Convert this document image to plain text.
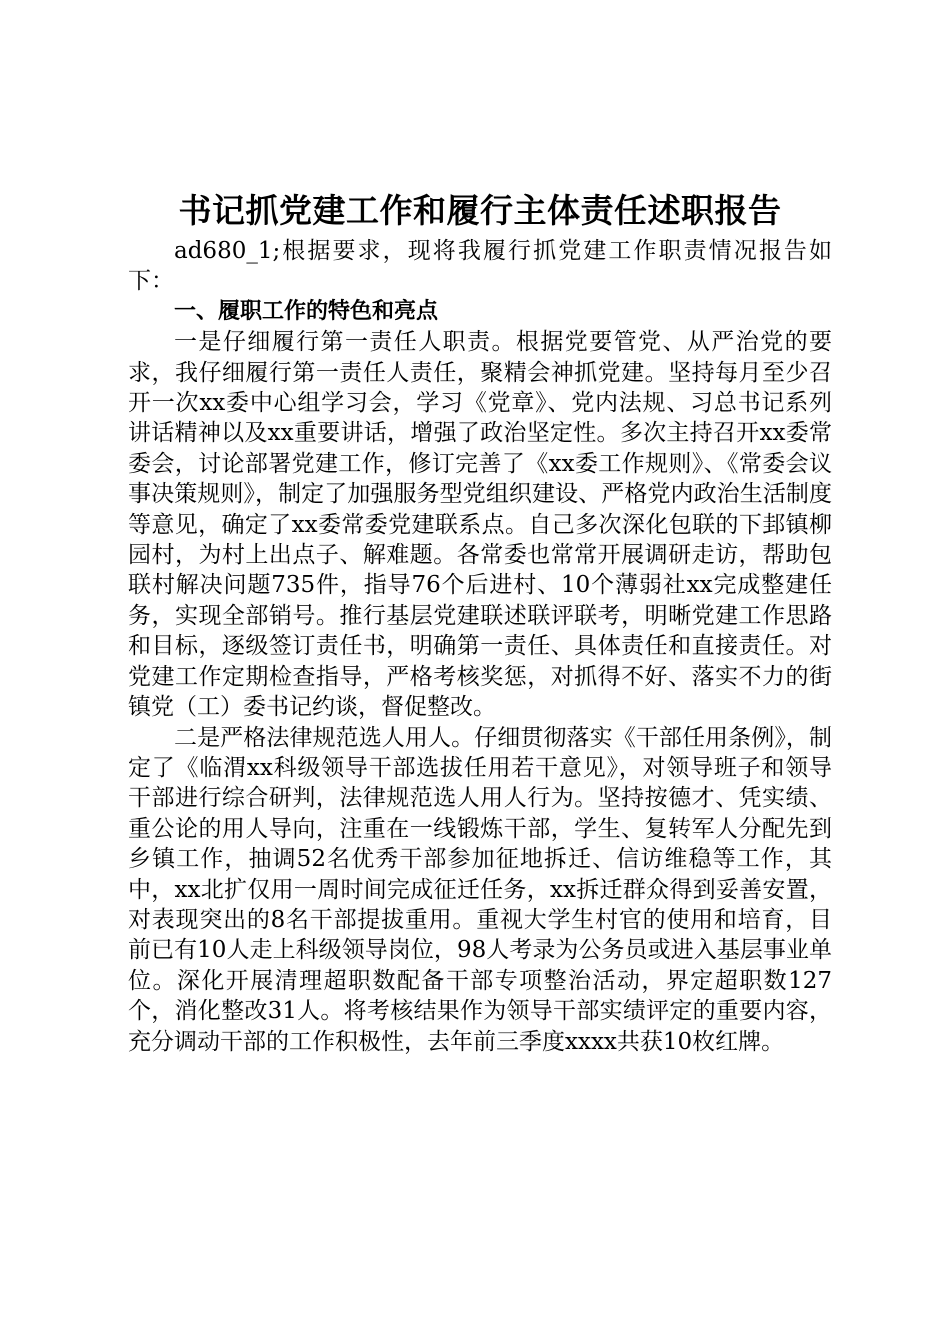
书记抓党建工作和履行主体责任述职报告

ad680_1;根据要求，现将我履行抓党建工作职责情况报告如下：

一、履职工作的特色和亮点

一是仔细履行第一责任人职责。根据党要管党、从严治党的要求，我仔细履行第一责任人责任，聚精会神抓党建。坚持每月至少召开一次xx委中心组学习会，学习《党章》、党内法规、习总书记系列讲话精神以及xx重要讲话，增强了政治坚定性。多次主持召开xx委常委会，讨论部署党建工作，修订完善了《xx委工作规则》、《常委会议事决策规则》，制定了加强服务型党组织建设、严格党内政治生活制度等意见，确定了xx委常委党建联系点。自己多次深化包联的下邽镇柳园村，为村上出点子、解难题。各常委也常常开展调研走访，帮助包联村解决问题735件，指导76个后进村、10个薄弱社xx完成整建任务，实现全部销号。推行基层党建联述联评联考，明晰党建工作思路和目标，逐级签订责任书，明确第一责任、具体责任和直接责任。对党建工作定期检查指导，严格考核奖惩，对抓得不好、落实不力的街镇党（工）委书记约谈，督促整改。

二是严格法律规范选人用人。仔细贯彻落实《干部任用条例》，制定了《临渭xx科级领导干部选拔任用若干意见》，对领导班子和领导干部进行综合研判，法律规范选人用人行为。坚持按德才、凭实绩、重公论的用人导向，注重在一线锻炼干部，学生、复转军人分配先到乡镇工作，抽调52名优秀干部参加征地拆迁、信访维稳等工作，其中，xx北扩仅用一周时间完成征迁任务，xx拆迁群众得到妥善安置，对表现突出的8名干部提拔重用。重视大学生村官的使用和培育，目前已有10人走上科级领导岗位，98人考录为公务员或进入基层事业单位。深化开展清理超职数配备干部专项整治活动，界定超职数127个，消化整改31人。将考核结果作为领导干部实绩评定的重要内容，充分调动干部的工作积极性，去年前三季度xxxx共获10枚红牌。
